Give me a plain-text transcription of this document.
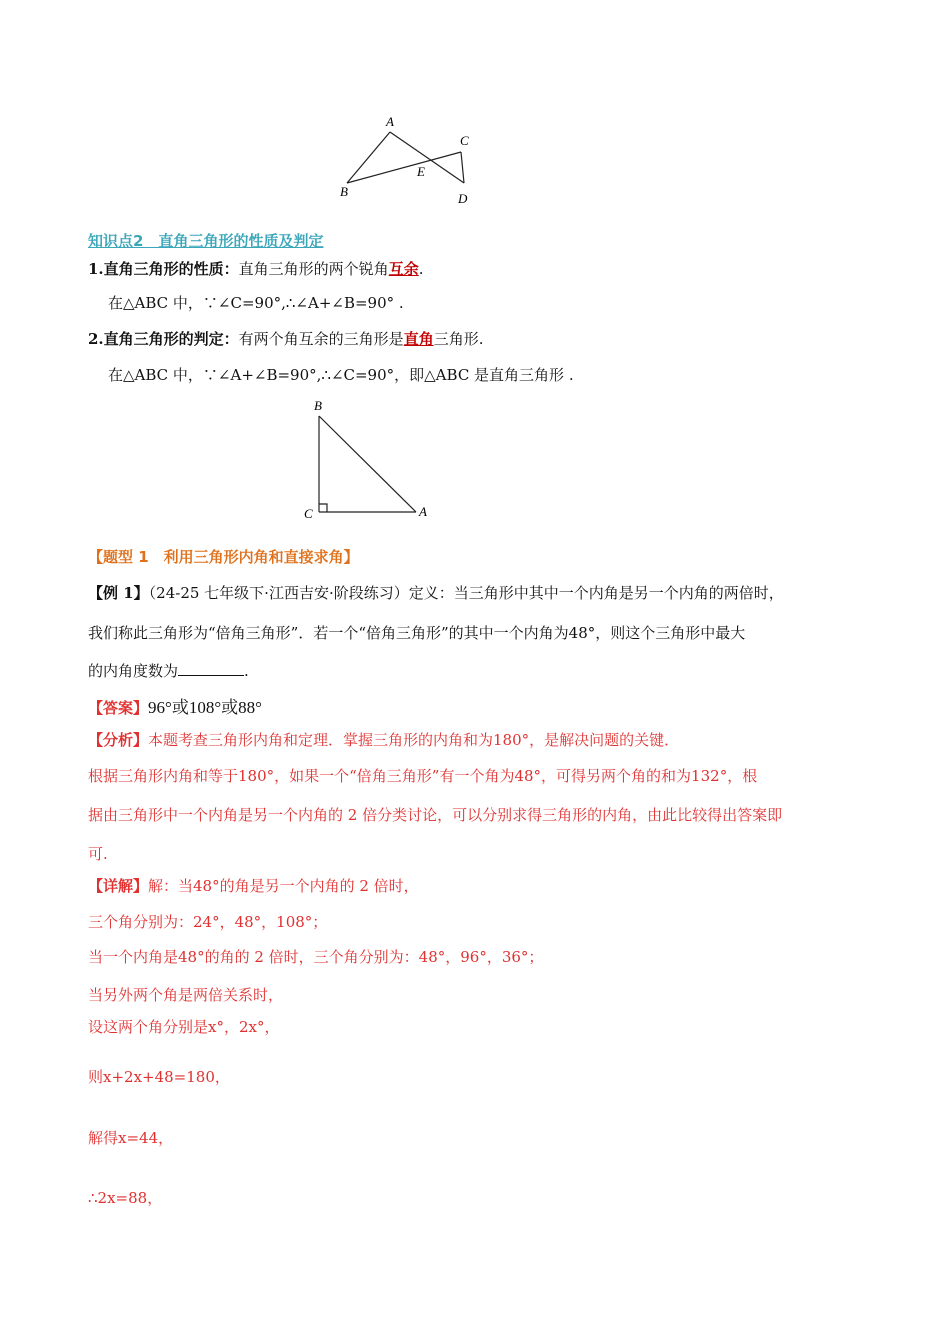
A
C
E
B	D
知识点2　直角三角形的性质及判定
1.直角三角形的性质：直角三角形的两个锐角互余.
在△ABC 中，∵∠C=90°,∴∠A+∠B=90° .
2.直角三角形的判定：有两个角互余的三角形是直角三角形.
在△ABC 中，∵∠A+∠B=90°,∴∠C=90°，即△ABC 是直角三角形 .
B
C	A
【题型 1　利用三角形内角和直接求角】
【例 1】（24-25 七年级下·江西吉安·阶段练习）定义：当三角形中其中一个内角是另一个内角的两倍时，
我们称此三角形为“倍角三角形”．若一个“倍角三角形”的其中一个内角为48°，则这个三角形中最大
的内角度数为	.
【答案】96°或108°或88°
【分析】本题考查三角形内角和定理．掌握三角形的内角和为180°，是解决问题的关键．
根据三角形内角和等于180°，如果一个“倍角三角形”有一个角为48°，可得另两个角的和为132°，根
据由三角形中一个内角是另一个内角的 2 倍分类讨论，可以分别求得三角形的内角，由此比较得出答案即
可.
【详解】解：当48°的角是另一个内角的 2 倍时，
三个角分别为：24°，48°，108°；
当一个内角是48°的角的 2 倍时，三个角分别为：48°，96°，36°；
当另外两个角是两倍关系时，
设这两个角分别是x°，2x°，
则x+2x+48=180，
解得x=44，
∴2x=88，
